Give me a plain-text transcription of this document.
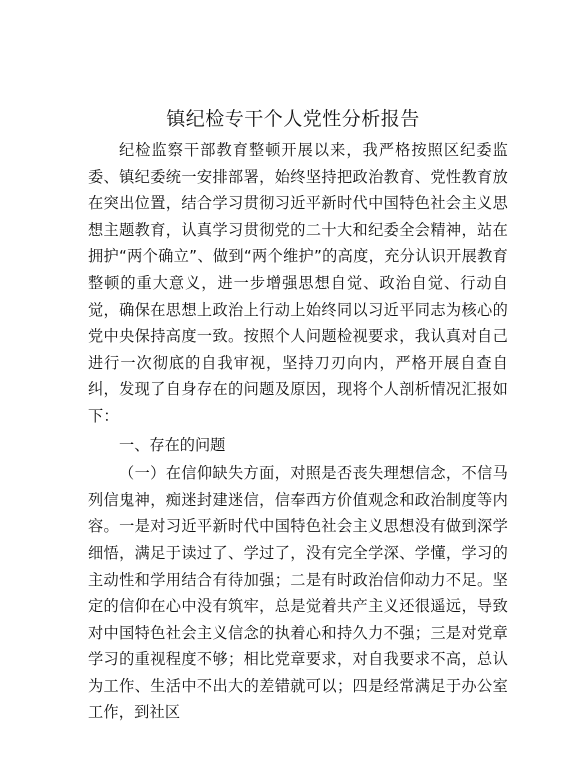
镇纪检专干个人党性分析报告

纪检监察干部教育整顿开展以来，我严格按照区纪委监委、镇纪委统一安排部署，始终坚持把政治教育、党性教育放在突出位置，结合学习贯彻习近平新时代中国特色社会主义思想主题教育，认真学习贯彻党的二十大和纪委全会精神，站在拥护“两个确立”、做到“两个维护”的高度，充分认识开展教育整顿的重大意义，进一步增强思想自觉、政治自觉、行动自觉，确保在思想上政治上行动上始终同以习近平同志为核心的党中央保持高度一致。按照个人问题检视要求，我认真对自己进行一次彻底的自我审视，坚持刀刃向内，严格开展自查自纠，发现了自身存在的问题及原因，现将个人剖析情况汇报如下：

一、存在的问题

（一）在信仰缺失方面，对照是否丧失理想信念，不信马列信鬼神，痴迷封建迷信，信奉西方价值观念和政治制度等内容。一是对习近平新时代中国特色社会主义思想没有做到深学细悟，满足于读过了、学过了，没有完全学深、学懂，学习的主动性和学用结合有待加强；二是有时政治信仰动力不足。坚定的信仰在心中没有筑牢，总是觉着共产主义还很遥远，导致对中国特色社会主义信念的执着心和持久力不强；三是对党章学习的重视程度不够；相比党章要求，对自我要求不高，总认为工作、生活中不出大的差错就可以；四是经常满足于办公室工作，到社区
